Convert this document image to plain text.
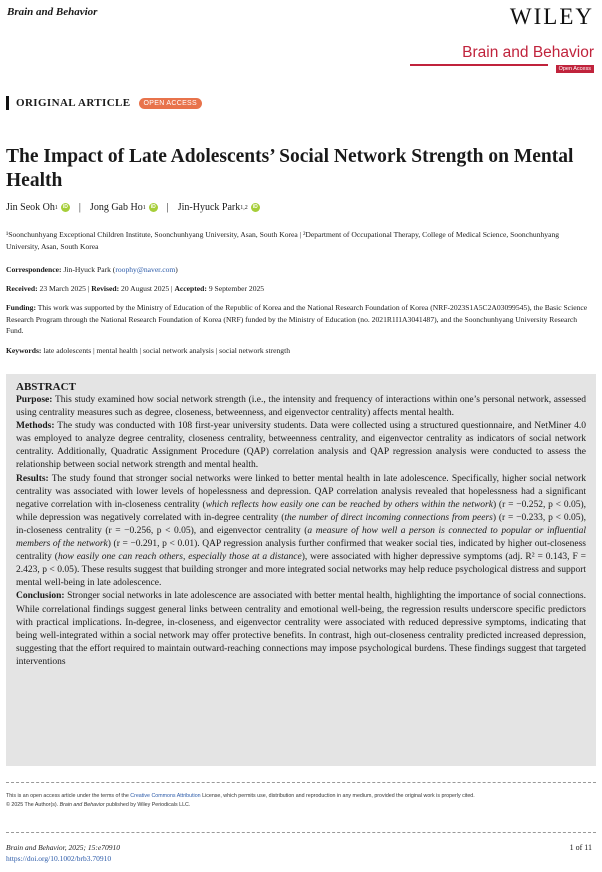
Brain and Behavior	WILEY
Brain and Behavior
Open Access
ORIGINAL ARTICLE	OPEN ACCESS
The Impact of Late Adolescents’ Social Network Strength on Mental Health
Jin Seok Oh 1	iD | Jong Gab Ho 1	iD | Jin-Hyuck Park 1,2	iD
¹Soonchunhyang Exceptional Children Institute, Soonchunhyang University, Asan, South Korea | ²Department of Occupational Therapy, College of Medical Science, Soonchunhyang University, Asan, South Korea
Correspondence: Jin-Hyuck Park (roophy@naver.com)
Received: 23 March 2025 | Revised: 20 August 2025 | Accepted: 9 September 2025
Funding: This work was supported by the Ministry of Education of the Republic of Korea and the National Research Foundation of Korea (NRF-2023S1A5C2A03099545), the Basic Science Research Program through the National Research Foundation of Korea (NRF) funded by the Ministry of Education (no. 2021R1I1A3041487), and the Soonchunhyang University Research Fund.
Keywords: late adolescents | mental health | social network analysis | social network strength
ABSTRACT

Purpose: This study examined how social network strength (i.e., the intensity and frequency of interactions within one’s personal network, assessed using centrality measures such as degree, closeness, betweenness, and eigenvector centrality) affects mental health.

Methods: The study was conducted with 108 first-year university students. Data were collected using a structured questionnaire, and NetMiner 4.0 was employed to analyze degree centrality, closeness centrality, betweenness centrality, and eigenvector centrality as indicators of social network centrality. Additionally, Quadratic Assignment Procedure (QAP) correlation analysis and QAP regression analysis were conducted to assess the relationship between social network strength and mental health.

Results: The study found that stronger social networks were linked to better mental health in late adolescence. Specifically, higher social network centrality was associated with lower levels of hopelessness and depression. QAP correlation analysis revealed that hopelessness had a significant negative correlation with in-closeness centrality (which reflects how easily one can be reached by others within the network) (r = −0.252, p < 0.05), while depression was negatively correlated with in-degree centrality (the number of direct incoming connections from peers) (r = −0.233, p < 0.05), in-closeness centrality (r = −0.256, p < 0.05), and eigenvector centrality (a measure of how well a person is connected to popular or influential members of the network) (r = −0.291, p < 0.01). QAP regression analysis further confirmed that weaker social ties, indicated by higher out-closeness centrality (how easily one can reach others, especially those at a distance), were associated with higher depressive symptoms (adj. R² = 0.143, F = 2.423, p < 0.05). These results suggest that building stronger and more integrated social networks may help reduce psychological distress and support mental well-being in late adolescence.

Conclusion: Stronger social networks in late adolescence are associated with better mental health, highlighting the importance of social connections. While correlational findings suggest general links between centrality and emotional well-being, the regression results underscore specific predictors with practical implications. In-degree, in-closeness, and eigenvector centrality were associated with reduced depressive symptoms, indicating that being well-integrated within a social network may offer protective benefits. In contrast, high out-closeness centrality predicted increased depression, suggesting that the effort required to maintain outward-reaching connections may impose psychological burdens. These findings suggest that targeted interventions

This is an open access article under the terms of the Creative Commons Attribution License, which permits use, distribution and reproduction in any medium, provided the original work is properly cited.
© 2025 The Author(s). Brain and Behavior published by Wiley Periodicals LLC.
Brain and Behavior, 2025; 15:e70910
https://doi.org/10.1002/brb3.70910
1 of 11
